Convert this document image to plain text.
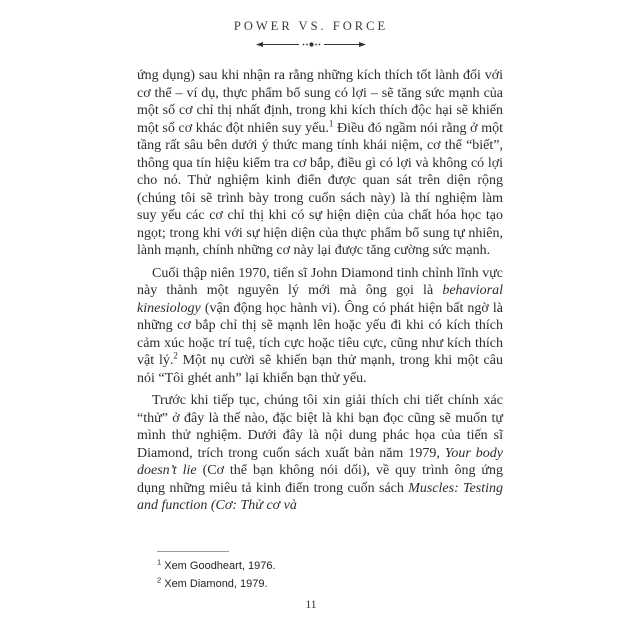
POWER VS. FORCE

ứng dụng) sau khi nhận ra rằng những kích thích tốt lành đối với cơ thể – ví dụ, thực phẩm bổ sung có lợi – sẽ tăng sức mạnh của một số cơ chỉ thị nhất định, trong khi kích thích độc hại sẽ khiến một số cơ khác đột nhiên suy yếu.$^1$ Điều đó ngầm nói rằng ở một tầng rất sâu bên dưới ý thức mang tính khái niệm, cơ thể “biết”, thông qua tín hiệu kiểm tra cơ bắp, điều gì có lợi và không có lợi cho nó. Thử nghiệm kinh điển được quan sát trên diện rộng (chúng tôi sẽ trình bày trong cuốn sách này) là thí nghiệm làm suy yếu các cơ chỉ thị khi có sự hiện diện của chất hóa học tạo ngọt; trong khi với sự hiện diện của thực phẩm bổ sung tự nhiên, lành mạnh, chính những cơ này lại được tăng cường sức mạnh.

Cuối thập niên 1970, tiến sĩ John Diamond tinh chỉnh lĩnh vực này thành một nguyên lý mới mà ông gọi là behavioral kinesiology (vận động học hành vi). Ông có phát hiện bất ngờ là những cơ bắp chỉ thị sẽ mạnh lên hoặc yếu đi khi có kích thích cảm xúc hoặc trí tuệ, tích cực hoặc tiêu cực, cũng như kích thích vật lý.$^2$ Một nụ cười sẽ khiến bạn thử mạnh, trong khi một câu nói “Tôi ghét anh” lại khiến bạn thử yếu.

Trước khi tiếp tục, chúng tôi xin giải thích chi tiết chính xác “thử” ở đây là thế nào, đặc biệt là khi bạn đọc cũng sẽ muốn tự mình thử nghiệm. Dưới đây là nội dung phác họa của tiến sĩ Diamond, trích trong cuốn sách xuất bản năm 1979, Your body doesn’t lie (Cơ thể bạn không nói dối), về quy trình ông ứng dụng những miêu tả kinh điển trong cuốn sách Muscles: Testing and function (Cơ: Thử cơ và

$^1$ Xem Goodheart, 1976.
$^2$ Xem Diamond, 1979.
11
